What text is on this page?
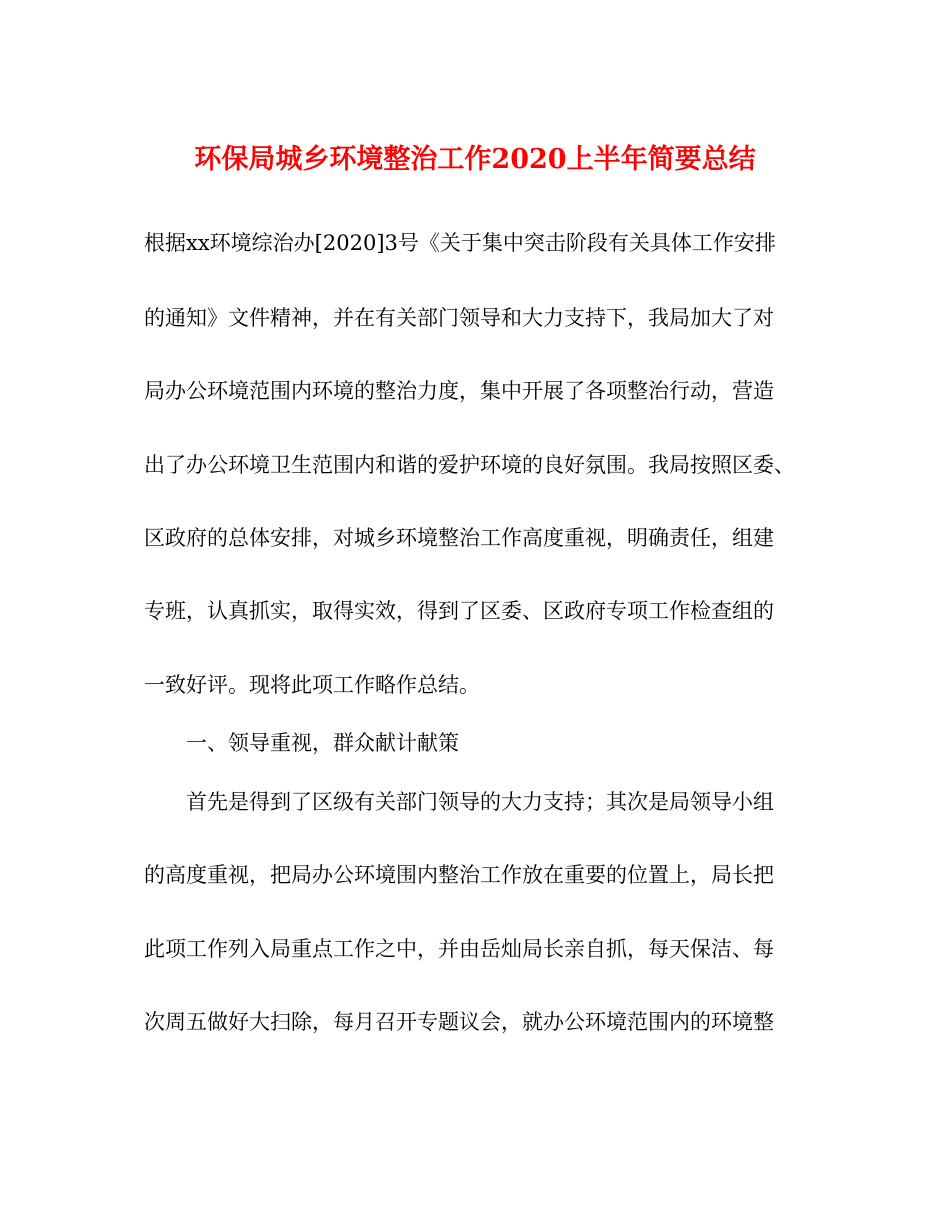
环保局城乡环境整治工作2020上半年简要总结

根据xx环境综治办[2020]3号《关于集中突击阶段有关具体工作安排

的通知》文件精神，并在有关部门领导和大力支持下，我局加大了对

局办公环境范围内环境的整治力度，集中开展了各项整治行动，营造

出了办公环境卫生范围内和谐的爱护环境的良好氛围。我局按照区委、

区政府的总体安排，对城乡环境整治工作高度重视，明确责任，组建

专班，认真抓实，取得实效，得到了区委、区政府专项工作检查组的

一致好评。现将此项工作略作总结。

一、领导重视，群众献计献策

首先是得到了区级有关部门领导的大力支持；其次是局领导小组

的高度重视，把局办公环境围内整治工作放在重要的位置上，局长把

此项工作列入局重点工作之中，并由岳灿局长亲自抓，每天保洁、每

次周五做好大扫除，每月召开专题议会，就办公环境范围内的环境整
